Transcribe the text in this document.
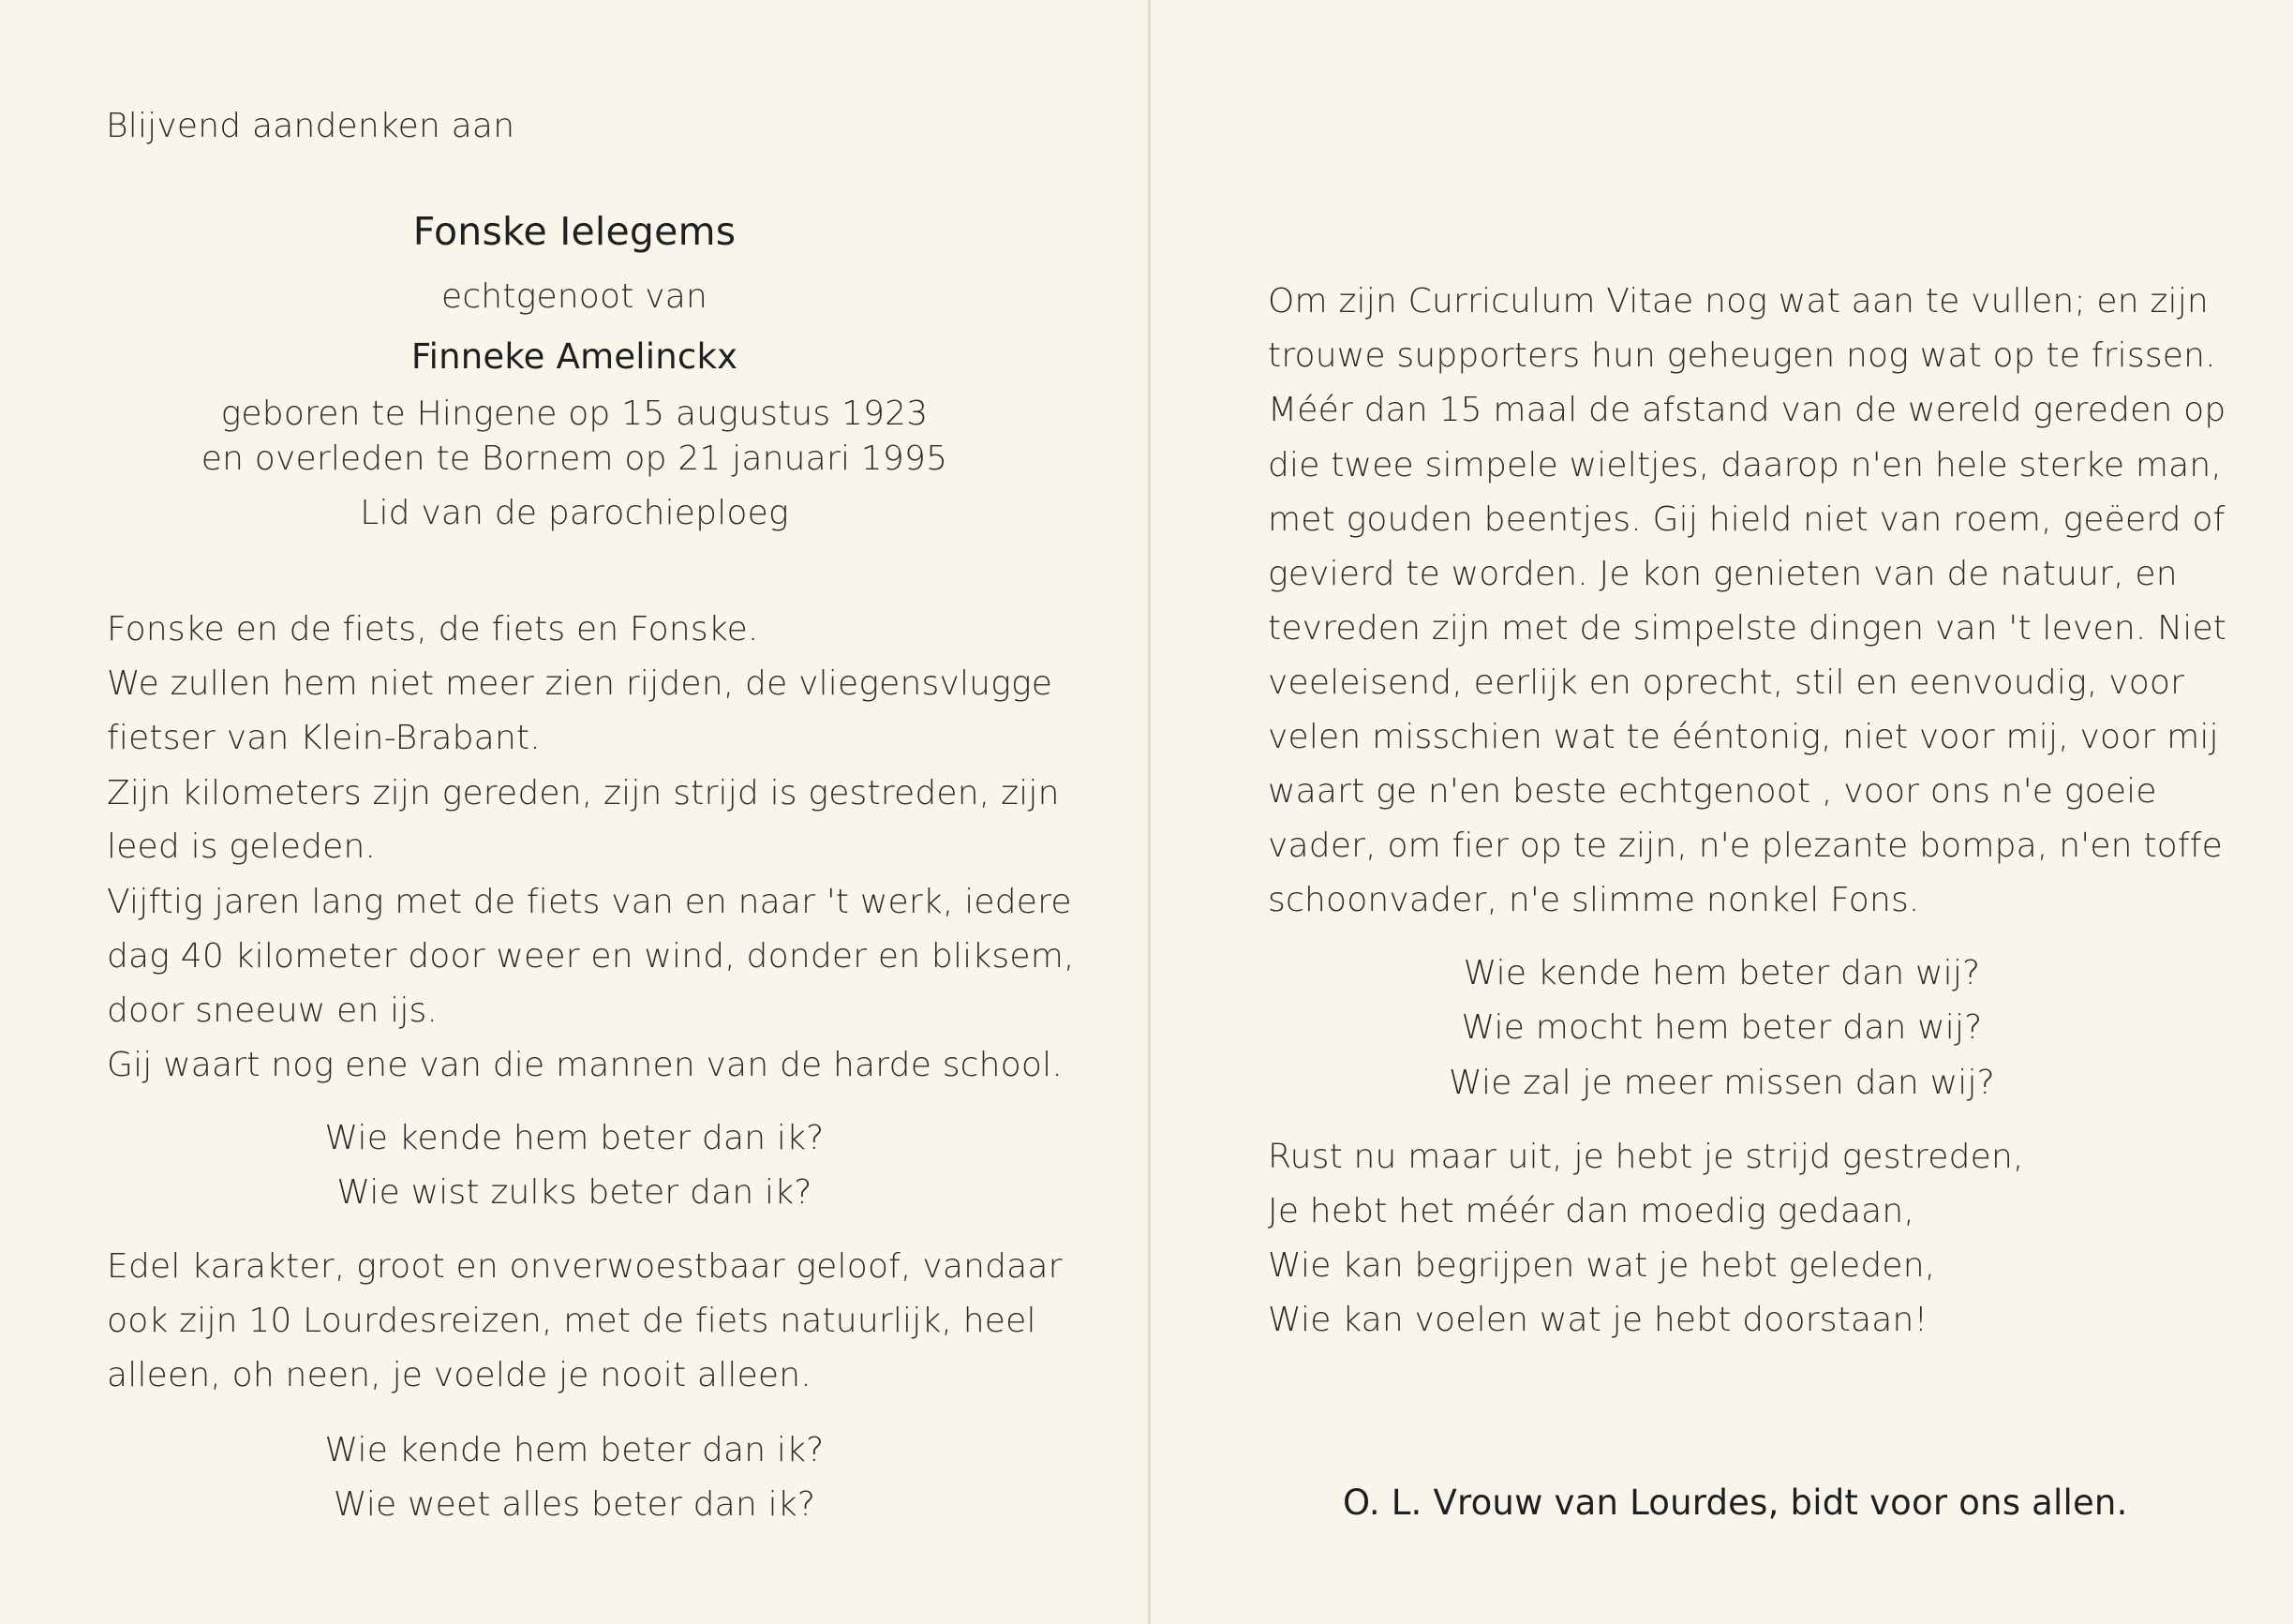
Blijvend aandenken aan
Fonske Ielegems
echtgenoot van
Finneke Amelinckx
geboren te Hingene op 15 augustus 1923
en overleden te Bornem op 21 januari 1995
Lid van de parochieploeg
Fonske en de fiets, de fiets en Fonske.
We zullen hem niet meer zien rijden, de vliegensvlugge
fietser van Klein-Brabant.
Zijn kilometers zijn gereden, zijn strijd is gestreden, zijn
leed is geleden.
Vijftig jaren lang met de fiets van en naar 't werk, iedere
dag 40 kilometer door weer en wind, donder en bliksem,
door sneeuw en ijs.
Gij waart nog ene van die mannen van de harde school.
Wie kende hem beter dan ik?
Wie wist zulks beter dan ik?
Edel karakter, groot en onverwoestbaar geloof, vandaar
ook zijn 10 Lourdesreizen, met de fiets natuurlijk, heel
alleen, oh neen, je voelde je nooit alleen.
Wie kende hem beter dan ik?
Wie weet alles beter dan ik?
Om zijn Curriculum Vitae nog wat aan te vullen; en zijn
trouwe supporters hun geheugen nog wat op te frissen.
Méér dan 15 maal de afstand van de wereld gereden op
die twee simpele wieltjes, daarop n'en hele sterke man,
met gouden beentjes. Gij hield niet van roem, geëerd of
gevierd te worden. Je kon genieten van de natuur, en
tevreden zijn met de simpelste dingen van 't leven. Niet
veeleisend, eerlijk en oprecht, stil en eenvoudig, voor
velen misschien wat te ééntonig, niet voor mij, voor mij
waart ge n'en beste echtgenoot , voor ons n'e goeie
vader, om fier op te zijn, n'e plezante bompa, n'en toffe
schoonvader, n'e slimme nonkel Fons.
Wie kende hem beter dan wij?
Wie mocht hem beter dan wij?
Wie zal je meer missen dan wij?
Rust nu maar uit, je hebt je strijd gestreden,
Je hebt het méér dan moedig gedaan,
Wie kan begrijpen wat je hebt geleden,
Wie kan voelen wat je hebt doorstaan!
O. L. Vrouw van Lourdes, bidt voor ons allen.
